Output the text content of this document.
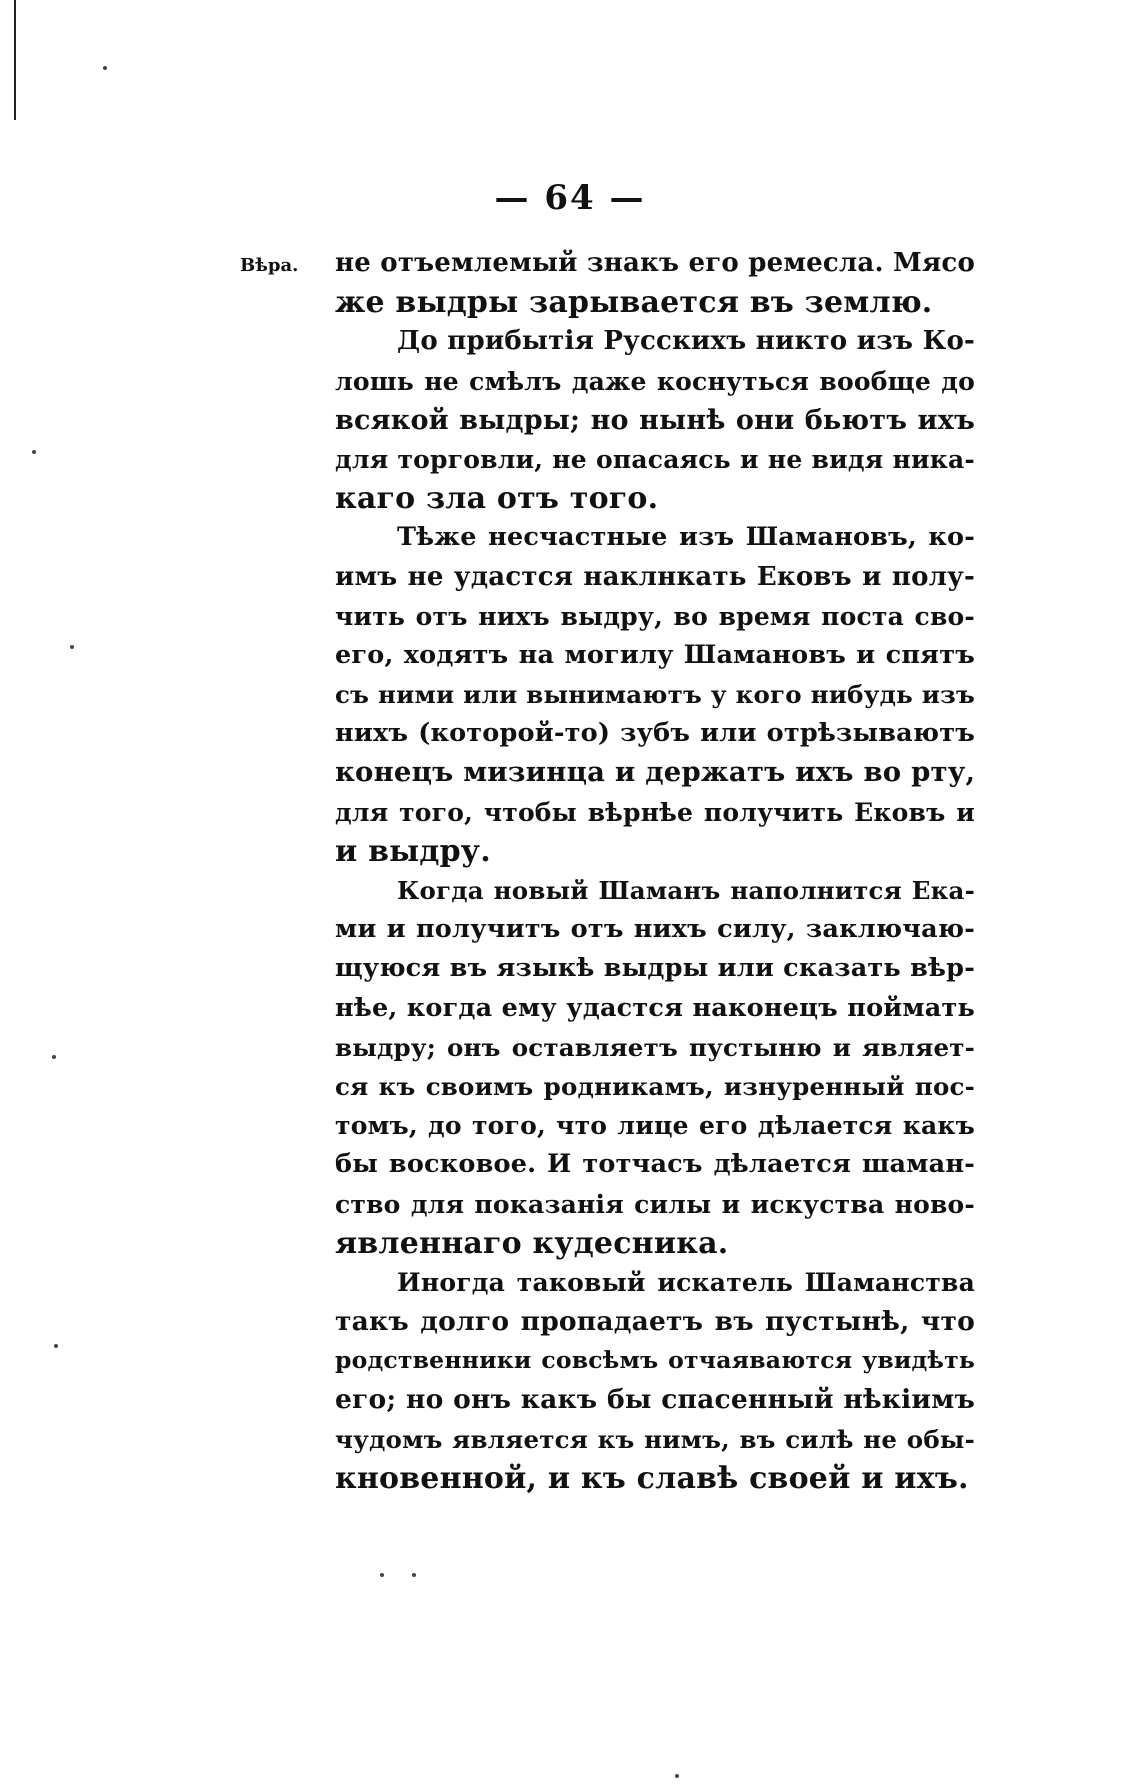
— 64 —
Вѣра. не отъемлемый знакъ его ремесла. Мясо
же выдры зарывается въ землю.
До прибытія Русскихъ никто изъ Ко-
лошь не смѣлъ даже коснуться вообще до
всякой выдры; но нынѣ они бьютъ ихъ
для торговли, не опасаясь и не видя ника-
каго зла отъ того.
Тѣже несчастные изъ Шамановъ, ко-
имъ не удастся наклнкать Ековъ и полу-
чить отъ нихъ выдру, во время поста сво-
его, ходятъ на могилу Шамановъ и спятъ
съ ними или вынимаютъ у кого нибудь изъ
нихъ (которой-то) зубъ или отрѣзываютъ
конецъ мизинца и держатъ ихъ во рту,
для того, чтобы вѣрнѣе получить Ековъ и
и выдру.
Когда новый Шаманъ наполнится Ека-
ми и получитъ отъ нихъ силу, заключаю-
щуюся въ языкѣ выдры или сказать вѣр-
нѣе, когда ему удастся наконецъ поймать
выдру; онъ оставляетъ пустыню и являет-
ся къ своимъ родникамъ, изнуренный пос-
томъ, до того, что лице его дѣлается какъ
бы восковое. И тотчасъ дѣлается шаман-
ство для показанія силы и искуства ново-
явленнаго кудесника.
Иногда таковый искатель Шаманства
такъ долго пропадаетъ въ пустынѣ, что
родственники совсѣмъ отчаяваются увидѣть
его; но онъ какъ бы спасенный нѣкіимъ
чудомъ является къ нимъ, въ силѣ не обы-
кновенной, и къ славѣ своей и ихъ.
